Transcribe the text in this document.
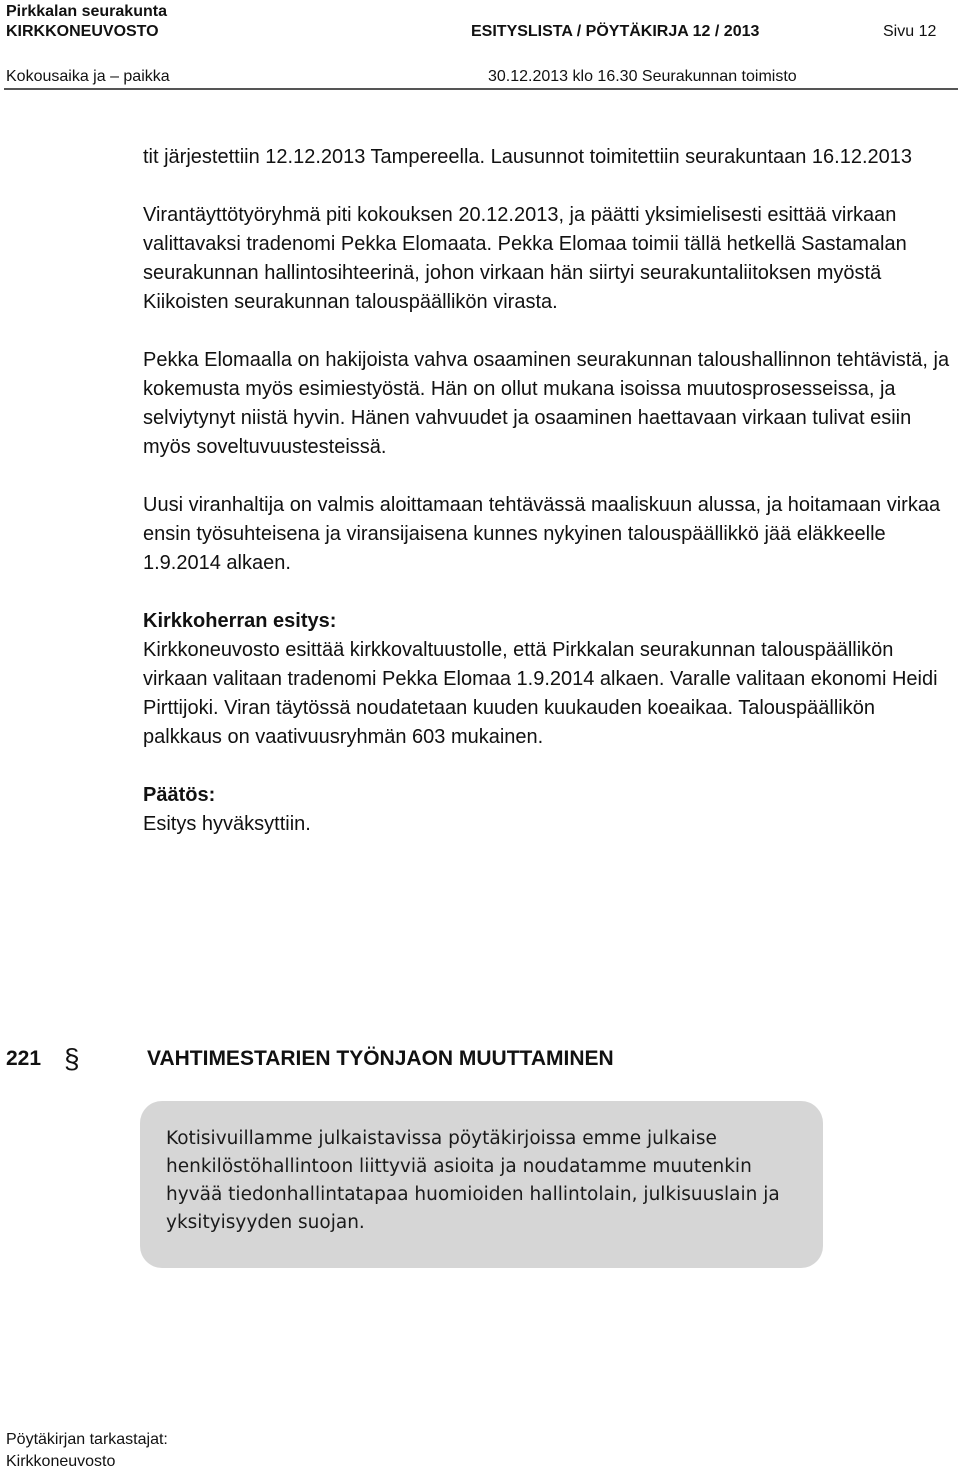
Pirkkalan seurakunta
KIRKKONEUVOSTO	ESITYSLISTA / PÖYTÄKIRJA 12 / 2013	Sivu 12
Kokousaika ja – paikka	30.12.2013 klo 16.30 Seurakunnan toimisto

tit järjestettiin 12.12.2013 Tampereella. Lausunnot toimitettiin seurakuntaan 16.12.2013

Virantäyttötyöryhmä piti kokouksen 20.12.2013, ja päätti yksimielisesti esittää virkaan valittavaksi tradenomi Pekka Elomaata. Pekka Elomaa toimii tällä hetkellä Sastamalan seurakunnan hallintosihteerinä, johon virkaan hän siirtyi seurakuntaliitoksen myöstä Kiikoisten seurakunnan talouspäällikön virasta.

Pekka Elomaalla on hakijoista vahva osaaminen seurakunnan taloushallinnon tehtävistä, ja kokemusta myös esimiestyöstä. Hän on ollut mukana isoissa muutosprosesseissa, ja selviytynyt niistä hyvin. Hänen vahvuudet ja osaaminen haettavaan virkaan tulivat esiin myös soveltuvuustesteissä.

Uusi viranhaltija on valmis aloittamaan tehtävässä maaliskuun alussa, ja hoitamaan virkaa ensin työsuhteisena ja viransijaisena kunnes nykyinen talouspäällikkö jää eläkkeelle 1.9.2014 alkaen.

Kirkkoherran esitys:
Kirkkoneuvosto esittää kirkkovaltuustolle, että Pirkkalan seurakunnan talouspäällikön virkaan valitaan tradenomi Pekka Elomaa 1.9.2014 alkaen. Varalle valitaan ekonomi Heidi Pirttijoki. Viran täytössä noudatetaan kuuden kuukauden koeaikaa. Talouspäällikön palkkaus on vaativuusryhmän 603 mukainen.

Päätös:
Esitys hyväksyttiin.

221 §	VAHTIMESTARIEN TYÖNJAON MUUTTAMINEN

Kotisivuillamme julkaistavissa pöytäkirjoissa emme julkaise henkilöstöhallintoon liittyviä asioita ja noudatamme muutenkin hyvää tiedonhallintatapaa huomioiden hallintolain, julkisuuslain ja yksityisyyden suojan.

Pöytäkirjan tarkastajat:
Kirkkoneuvosto
